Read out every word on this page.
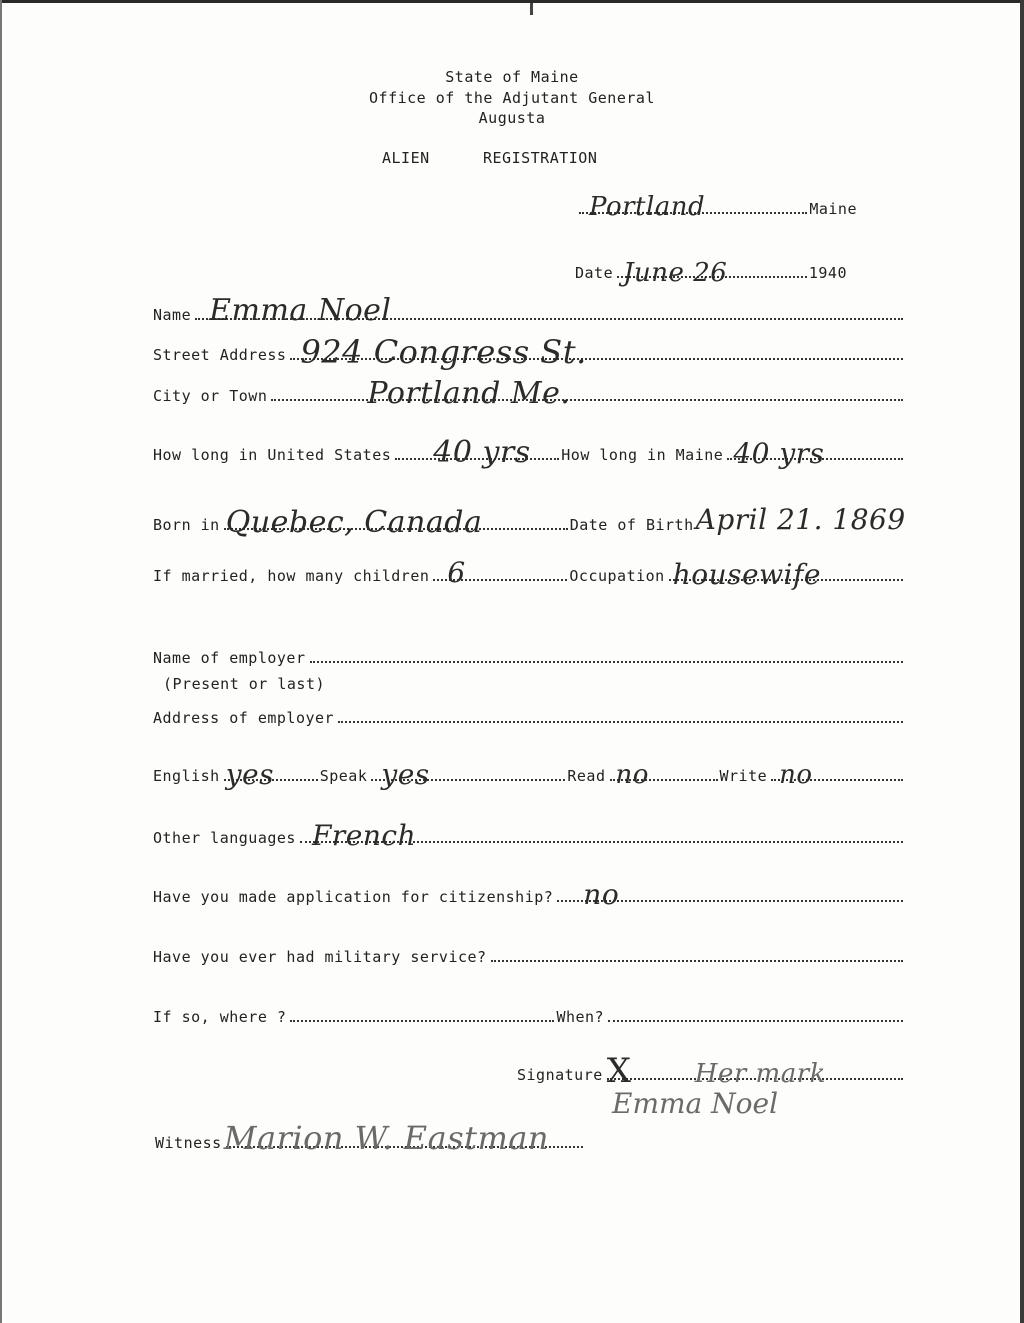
State of Maine
Office of the Adjutant General
Augusta
ALIEN	REGISTRATION
Portland	Maine
Date June 26	1940
Name Emma Noel
Street Address 924 Congress St.
City or Town	Portland Me.
How long in United States 40 yrs How long in Maine 40 yrs
Born in Quebec, Canada	Date of Birth April 21. 1869
If married, how many children 6	Occupation housewife
Name of employer
(Present or last)
Address of employer
English yes	Speak yes	Read no	Write no
Other languages French
Have you made application for citizenship? no
Have you ever had military service?
If so, where ?	When?
Signature X Her mark
Emma Noel
Witness Marion W. Eastman
